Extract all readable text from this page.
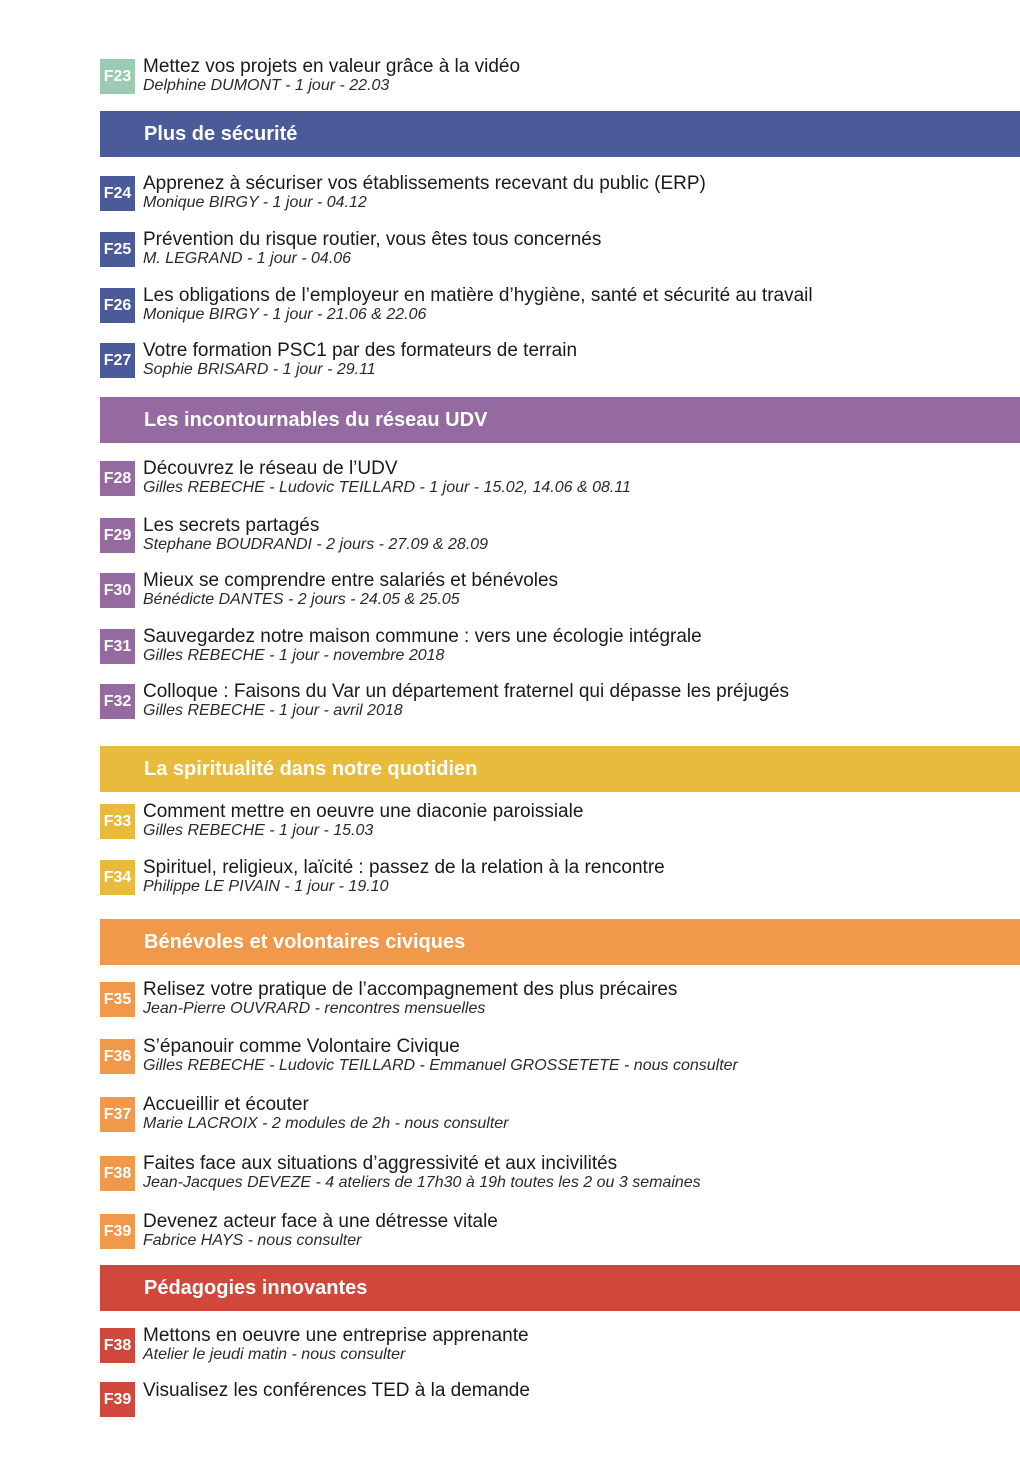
F23 Mettez vos projets en valeur grâce à la vidéo
Delphine DUMONT - 1 jour - 22.03
Plus de sécurité
F24 Apprenez à sécuriser vos établissements recevant du public (ERP)
Monique BIRGY - 1 jour - 04.12
F25 Prévention du risque routier, vous êtes tous concernés
M. LEGRAND - 1 jour - 04.06
F26 Les obligations de l’employeur en matière d’hygiène, santé et sécurité au travail
Monique BIRGY - 1 jour - 21.06 & 22.06
F27 Votre formation PSC1 par des formateurs de terrain
Sophie BRISARD - 1 jour - 29.11
Les incontournables du réseau UDV
F28 Découvrez le réseau de l’UDV
Gilles REBECHE - Ludovic TEILLARD - 1 jour - 15.02, 14.06 & 08.11
F29 Les secrets partagés
Stephane BOUDRANDI - 2 jours - 27.09 & 28.09
F30 Mieux se comprendre entre salariés et bénévoles
Bénédicte DANTES - 2 jours - 24.05 & 25.05
F31 Sauvegardez notre maison commune : vers une écologie intégrale
Gilles REBECHE - 1 jour - novembre 2018
F32 Colloque : Faisons du Var un département fraternel qui dépasse les préjugés
Gilles REBECHE - 1 jour - avril 2018
La spiritualité dans notre quotidien
F33 Comment mettre en oeuvre une diaconie paroissiale
Gilles REBECHE - 1 jour - 15.03
F34 Spirituel, religieux, laïcité : passez de la relation à la rencontre
Philippe LE PIVAIN - 1 jour - 19.10
Bénévoles et volontaires civiques
F35 Relisez votre pratique de l’accompagnement des plus précaires
Jean-Pierre OUVRARD - rencontres mensuelles
F36 S’épanouir comme Volontaire Civique
Gilles REBECHE - Ludovic TEILLARD - Emmanuel GROSSETETE - nous consulter
F37 Accueillir et écouter
Marie LACROIX - 2 modules de 2h - nous consulter
F38 Faites face aux situations d’aggressivité et aux incivilités
Jean-Jacques DEVEZE - 4 ateliers de 17h30 à 19h toutes les 2 ou 3 semaines
F39 Devenez acteur face à une détresse vitale
Fabrice HAYS - nous consulter
Pédagogies innovantes
F38 Mettons en oeuvre une entreprise apprenante
Atelier le jeudi matin - nous consulter
F39 Visualisez les conférences TED à la demande
